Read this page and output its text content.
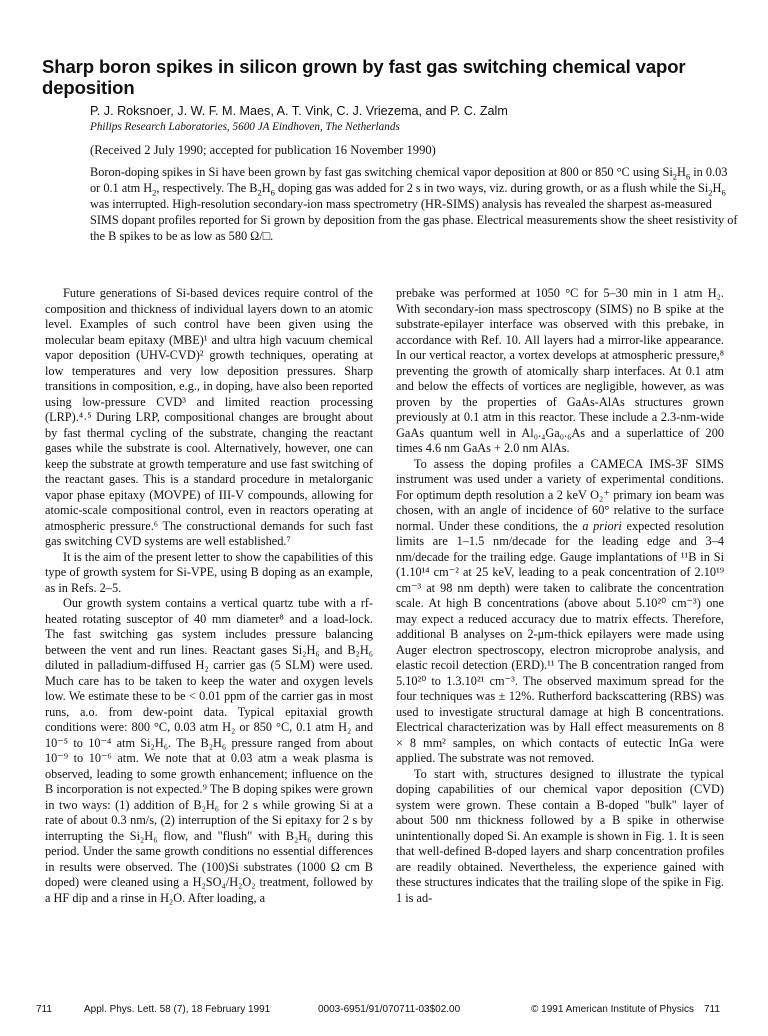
Sharp boron spikes in silicon grown by fast gas switching chemical vapor deposition
P. J. Roksnoer, J. W. F. M. Maes, A. T. Vink, C. J. Vriezema, and P. C. Zalm
Philips Research Laboratories, 5600 JA Eindhoven, The Netherlands
(Received 2 July 1990; accepted for publication 16 November 1990)
Boron-doping spikes in Si have been grown by fast gas switching chemical vapor deposition at 800 or 850 °C using $Si_2H_6$ in 0.03 or 0.1 atm $H_2$, respectively. The $B_2H_6$ doping gas was added for 2 s in two ways, viz. during growth, or as a flush while the $Si_2H_6$ was interrupted. High-resolution secondary-ion mass spectrometry (HR-SIMS) analysis has revealed the sharpest as-measured SIMS dopant profiles reported for Si grown by deposition from the gas phase. Electrical measurements show the sheet resistivity of the B spikes to be as low as 580 Ω/□.

Future generations of Si-based devices require control of the composition and thickness of individual layers down to an atomic level. Examples of such control have been given using the molecular beam epitaxy (MBE)¹ and ultra high vacuum chemical vapor deposition (UHV-CVD)² growth techniques, operating at low temperatures and very low deposition pressures. Sharp transitions in composition, e.g., in doping, have also been reported using low-pressure CVD³ and limited reaction processing (LRP).⁴˒⁵ During LRP, compositional changes are brought about by fast thermal cycling of the substrate, changing the reactant gases while the substrate is cool. Alternatively, however, one can keep the substrate at growth temperature and use fast switching of the reactant gases. This is a standard procedure in metalorganic vapor phase epitaxy (MOVPE) of III-V compounds, allowing for atomic-scale compositional control, even in reactors operating at atmospheric pressure.⁶ The constructional demands for such fast gas switching CVD systems are well established.⁷

It is the aim of the present letter to show the capabilities of this type of growth system for Si-VPE, using B doping as an example, as in Refs. 2–5.

Our growth system contains a vertical quartz tube with a rf-heated rotating susceptor of 40 mm diameter⁸ and a load-lock. The fast switching gas system includes pressure balancing between the vent and run lines. Reactant gases Si₂H₆ and B₂H₆ diluted in palladium-diffused H₂ carrier gas (5 SLM) were used. Much care has to be taken to keep the water and oxygen levels low. We estimate these to be < 0.01 ppm of the carrier gas in most runs, a.o. from dew-point data. Typical epitaxial growth conditions were: 800 °C, 0.03 atm H₂ or 850 °C, 0.1 atm H₂ and 10⁻⁵ to 10⁻⁴ atm Si₂H₆. The B₂H₆ pressure ranged from about 10⁻⁹ to 10⁻⁶ atm. We note that at 0.03 atm a weak plasma is observed, leading to some growth enhancement; influence on the B incorporation is not expected.⁹ The B doping spikes were grown in two ways: (1) addition of B₂H₆ for 2 s while growing Si at a rate of about 0.3 nm/s, (2) interruption of the Si epitaxy for 2 s by interrupting the Si₂H₆ flow, and "flush" with B₂H₆ during this period. Under the same growth conditions no essential differences in results were observed. The (100)Si substrates (1000 Ω cm B doped) were cleaned using a H₂SO₄/H₂O₂ treatment, followed by a HF dip and a rinse in H₂O. After loading, a

prebake was performed at 1050 °C for 5–30 min in 1 atm H₂. With secondary-ion mass spectroscopy (SIMS) no B spike at the substrate-epilayer interface was observed with this prebake, in accordance with Ref. 10. All layers had a mirror-like appearance. In our vertical reactor, a vortex develops at atmospheric pressure,⁸ preventing the growth of atomically sharp interfaces. At 0.1 atm and below the effects of vortices are negligible, however, as was proven by the properties of GaAs-AlAs structures grown previously at 0.1 atm in this reactor. These include a 2.3-nm-wide GaAs quantum well in Al₀.₄Ga₀.₆As and a superlattice of 200 times 4.6 nm GaAs + 2.0 nm AlAs.

To assess the doping profiles a CAMECA IMS-3F SIMS instrument was used under a variety of experimental conditions. For optimum depth resolution a 2 keV O₂⁺ primary ion beam was chosen, with an angle of incidence of 60° relative to the surface normal. Under these conditions, the a priori expected resolution limits are 1–1.5 nm/decade for the leading edge and 3–4 nm/decade for the trailing edge. Gauge implantations of ¹¹B in Si (1.10¹⁴ cm⁻² at 25 keV, leading to a peak concentration of 2.10¹⁹ cm⁻³ at 98 nm depth) were taken to calibrate the concentration scale. At high B concentrations (above about 5.10²⁰ cm⁻³) one may expect a reduced accuracy due to matrix effects. Therefore, additional B analyses on 2-μm-thick epilayers were made using Auger electron spectroscopy, electron microprobe analysis, and elastic recoil detection (ERD).¹¹ The B concentration ranged from 5.10²⁰ to 1.3.10²¹ cm⁻³. The observed maximum spread for the four techniques was ± 12%. Rutherford backscattering (RBS) was used to investigate structural damage at high B concentrations. Electrical characterization was by Hall effect measurements on 8 × 8 mm² samples, on which contacts of eutectic InGa were applied. The substrate was not removed.

To start with, structures designed to illustrate the typical doping capabilities of our chemical vapor deposition (CVD) system were grown. These contain a B-doped "bulk" layer of about 500 nm thickness followed by a B spike in otherwise unintentionally doped Si. An example is shown in Fig. 1. It is seen that well-defined B-doped layers and sharp concentration profiles are readily obtained. Nevertheless, the experience gained with these structures indicates that the trailing slope of the spike in Fig. 1 is ad-

711	Appl. Phys. Lett. 58 (7), 18 February 1991	0003-6951/91/070711-03$02.00	© 1991 American Institute of Physics 711
